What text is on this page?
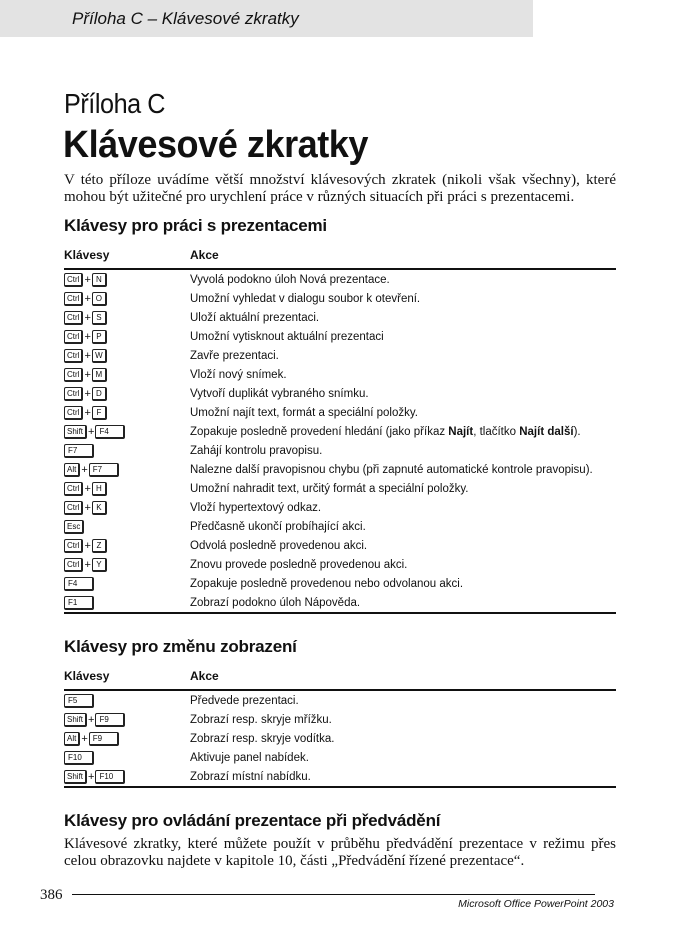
Příloha C – Klávesové zkratky
Příloha C
Klávesové zkratky

V této příloze uvádíme větší množství klávesových zkratek (nikoli však všechny), které mohou být užitečné pro urychlení práce v různých situacích při práci s prezentacemi.

Klávesy pro práci s prezentacemi
Klávesy	Akce
Ctrl + N	Vyvolá podokno úloh Nová prezentace.
Ctrl + O	Umožní vyhledat v dialogu soubor k otevření.
Ctrl + S	Uloží aktuální prezentaci.
Ctrl + P	Umožní vytisknout aktuální prezentaci
Ctrl + W	Zavře prezentaci.
Ctrl + M	Vloží nový snímek.
Ctrl + D	Vytvoří duplikát vybraného snímku.
Ctrl + F	Umožní najít text, formát a speciální položky.
Shift + F4	Zopakuje posledně provedení hledání (jako příkaz Najít, tlačítko Najít další).
F7	Zahájí kontrolu pravopisu.
Alt + F7	Nalezne další pravopisnou chybu (při zapnuté automatické kontrole pravopisu).
Ctrl + H	Umožní nahradit text, určitý formát a speciální položky.
Ctrl + K	Vloží hypertextový odkaz.
Esc	Předčasně ukončí probíhající akci.
Ctrl + Z	Odvolá posledně provedenou akci.
Ctrl + Y	Znovu provede posledně provedenou akci.
F4	Zopakuje posledně provedenou nebo odvolanou akci.
F1	Zobrazí podokno úloh Nápověda.
Klávesy pro změnu zobrazení
Klávesy	Akce
F5	Předvede prezentaci.
Shift + F9	Zobrazí resp. skryje mřížku.
Alt + F9	Zobrazí resp. skryje vodítka.
F10	Aktivuje panel nabídek.
Shift + F10	Zobrazí místní nabídku.
Klávesy pro ovládání prezentace při předvádění

Klávesové zkratky, které můžete použít v průběhu předvádění prezentace v režimu přes celou obrazovku najdete v kapitole 10, části „Předvádění řízené prezentace“.

386
Microsoft Office PowerPoint 2003
